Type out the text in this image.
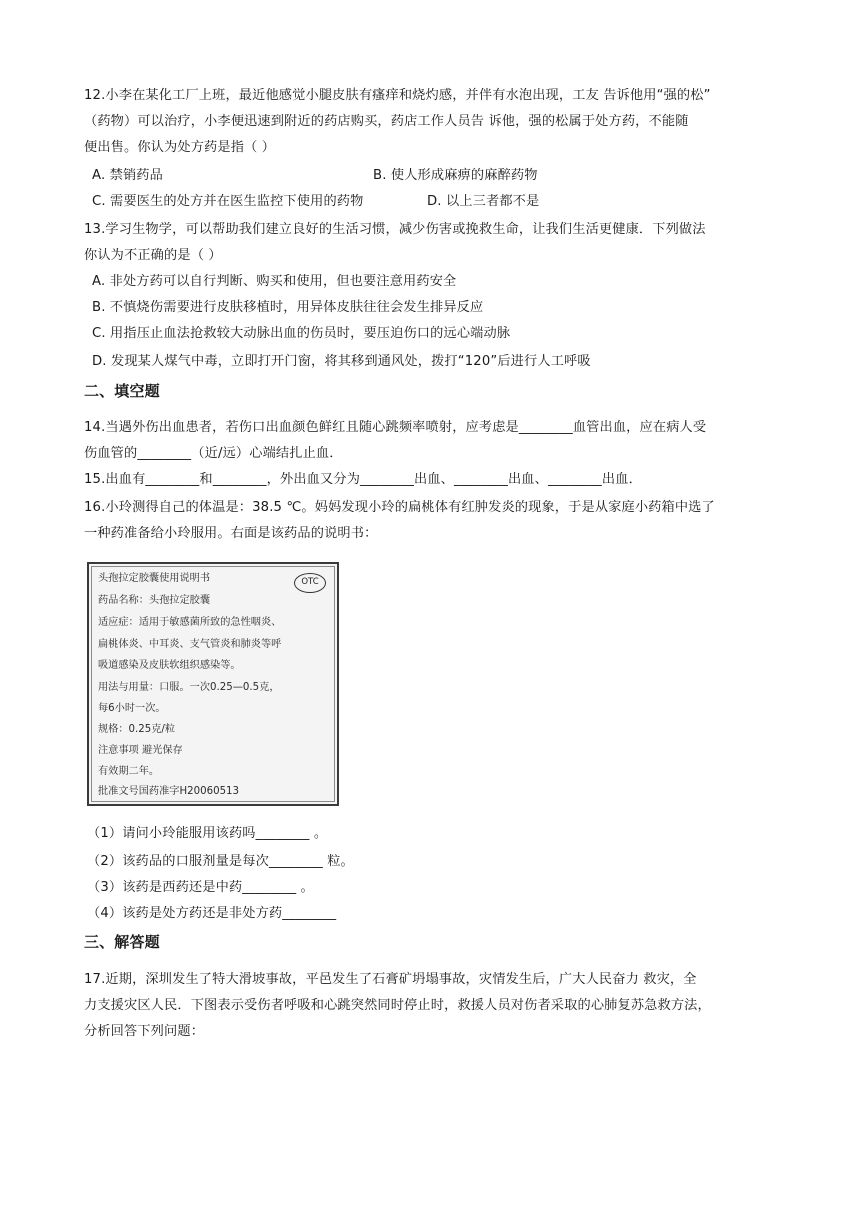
12.小李在某化工厂上班，最近他感觉小腿皮肤有瘙痒和烧灼感，并伴有水泡出现，工友 告诉他用“强的松”
（药物）可以治疗，小李便迅速到附近的药店购买，药店工作人员告 诉他，强的松属于处方药，不能随
便出售。你认为处方药是指（ ）
A. 禁销药品	B. 使人形成麻痹的麻醉药物
C. 需要医生的处方并在医生监控下使用的药物	D. 以上三者都不是
13.学习生物学，可以帮助我们建立良好的生活习惯，减少伤害或挽救生命，让我们生活更健康．下列做法
你认为不正确的是（ ）
A. 非处方药可以自行判断、购买和使用，但也要注意用药安全
B. 不慎烧伤需要进行皮肤移植时，用异体皮肤往往会发生排异反应
C. 用指压止血法抢救较大动脉出血的伤员时，要压迫伤口的远心端动脉
D. 发现某人煤气中毒，立即打开门窗，将其移到通风处，拨打“120”后进行人工呼吸
二、填空题
14.当遇外伤出血患者，若伤口出血颜色鲜红且随心跳频率喷射，应考虑是________血管出血，应在病人受
伤血管的________（近/远）心端结扎止血．
15.出血有________和________，外出血又分为________出血、________出血、________出血．
16.小玲测得自己的体温是：38.5 ℃。妈妈发现小玲的扁桃体有红肿发炎的现象，于是从家庭小药箱中选了
一种药准备给小玲服用。右面是该药品的说明书：
头孢拉定胶囊使用说明书	OTC
药品名称：头孢拉定胶囊
适应症：适用于敏感菌所致的急性咽炎、
扁桃体炎、中耳炎、支气管炎和肺炎等呼
吸道感染及皮肤软组织感染等。
用法与用量：口服。一次0.25—0.5克，
每6小时一次。
规格：0.25克/粒
注意事项 避光保存
有效期二年。
批准文号国药准字H20060513
（1）请问小玲能服用该药吗________ 。
（2）该药品的口服剂量是每次________ 粒。
（3）该药是西药还是中药________ 。
（4）该药是处方药还是非处方药________
三、解答题
17.近期，深圳发生了特大滑坡事故，平邑发生了石膏矿坍塌事故，灾情发生后，广大人民奋力 救灾，全
力支援灾区人民．下图表示受伤者呼吸和心跳突然同时停止时，救援人员对伤者采取的心肺复苏急救方法，
分析回答下列问题：
